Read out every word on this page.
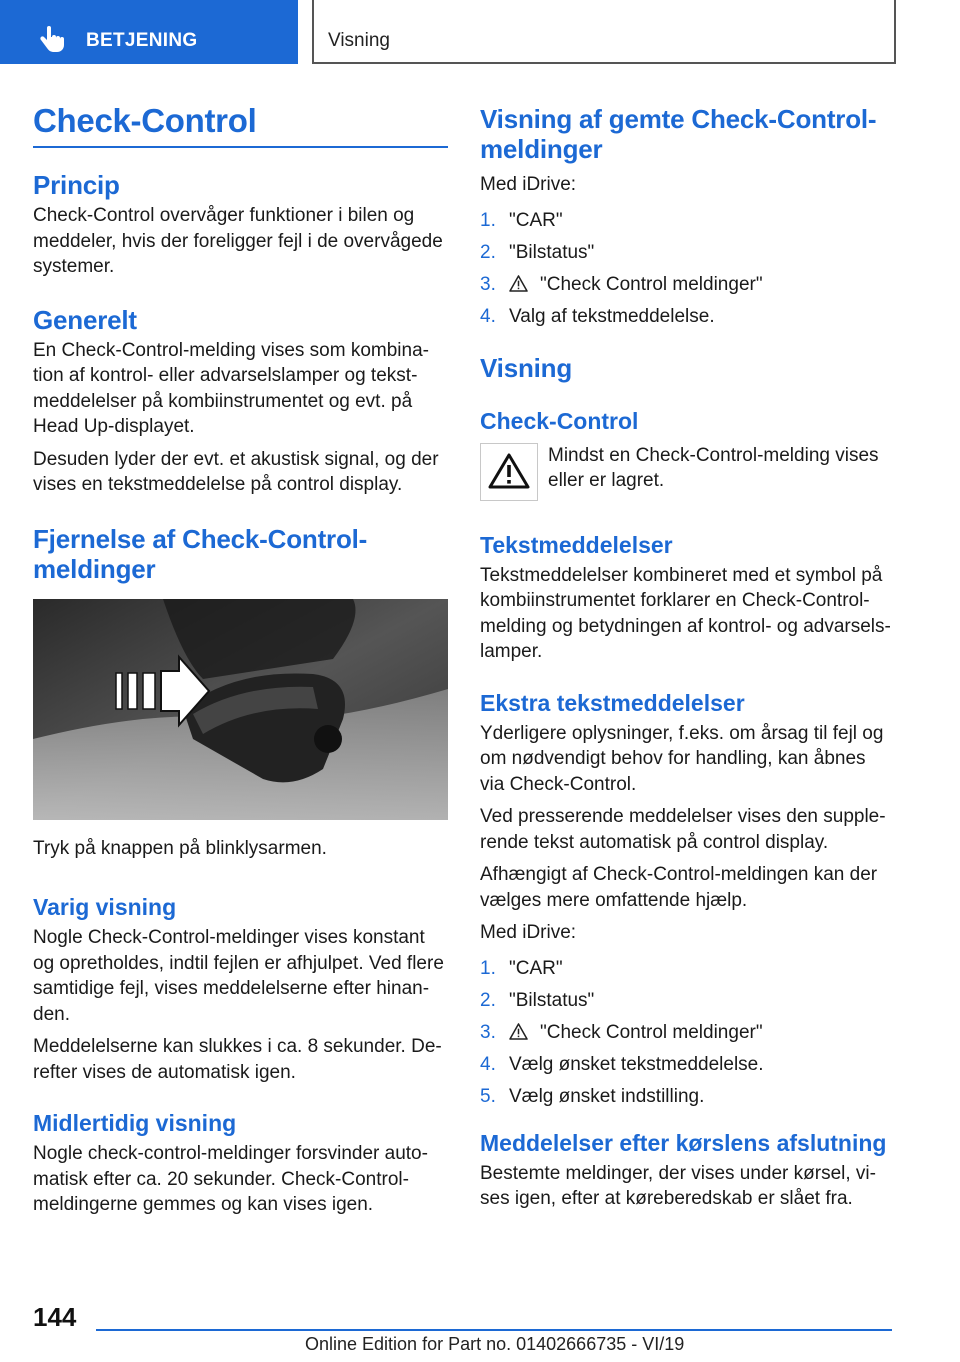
BETJENING	Visning
Check-Control
Princip

Check-Control overvåger funktioner i bilen og meddeler, hvis der foreligger fejl i de overvågede systemer.

Generelt

En Check-Control-melding vises som kombination af kontrol- eller advarselslamper og tekstmeddelelser på kombiinstrumentet og evt. på Head Up-displayet.

Desuden lyder der evt. et akustisk signal, og der vises en tekstmeddelelse på control display.

Fjernelse af Check-Control-meldinger

Tryk på knappen på blinklysarmen.

Varig visning

Nogle Check-Control-meldinger vises konstant og opretholdes, indtil fejlen er afhjulpet. Ved flere samtidige fejl, vises meddelelserne efter hinanden.

Meddelelserne kan slukkes i ca. 8 sekunder. Derefter vises de automatisk igen.

Midlertidig visning

Nogle check-control-meldinger forsvinder automatisk efter ca. 20 sekunder. Check-Control-meldingerne gemmes og kan vises igen.

Visning af gemte Check-Control-meldinger

Med iDrive:

1. "CAR"
2. "Bilstatus"
3. "Check Control meldinger"
4. Valg af tekstmeddelelse.
Visning
Check-Control

Mindst en Check-Control-melding vises eller er lagret.

Tekstmeddelelser

Tekstmeddelelser kombineret med et symbol på kombiinstrumentet forklarer en Check-Control-melding og betydningen af kontrol- og advarselslamper.

Ekstra tekstmeddelelser

Yderligere oplysninger, f.eks. om årsag til fejl og om nødvendigt behov for handling, kan åbnes via Check-Control.

Ved presserende meddelelser vises den supplerende tekst automatisk på control display.

Afhængigt af Check-Control-meldingen kan der vælges mere omfattende hjælp.

Med iDrive:

1. "CAR"
2. "Bilstatus"
3. "Check Control meldinger"
4. Vælg ønsket tekstmeddelelse.
5. Vælg ønsket indstilling.
Meddelelser efter kørslens afslutning

Bestemte meldinger, der vises under kørsel, vises igen, efter at køreberedskab er slået fra.

144
Online Edition for Part no. 01402666735 - VI/19
